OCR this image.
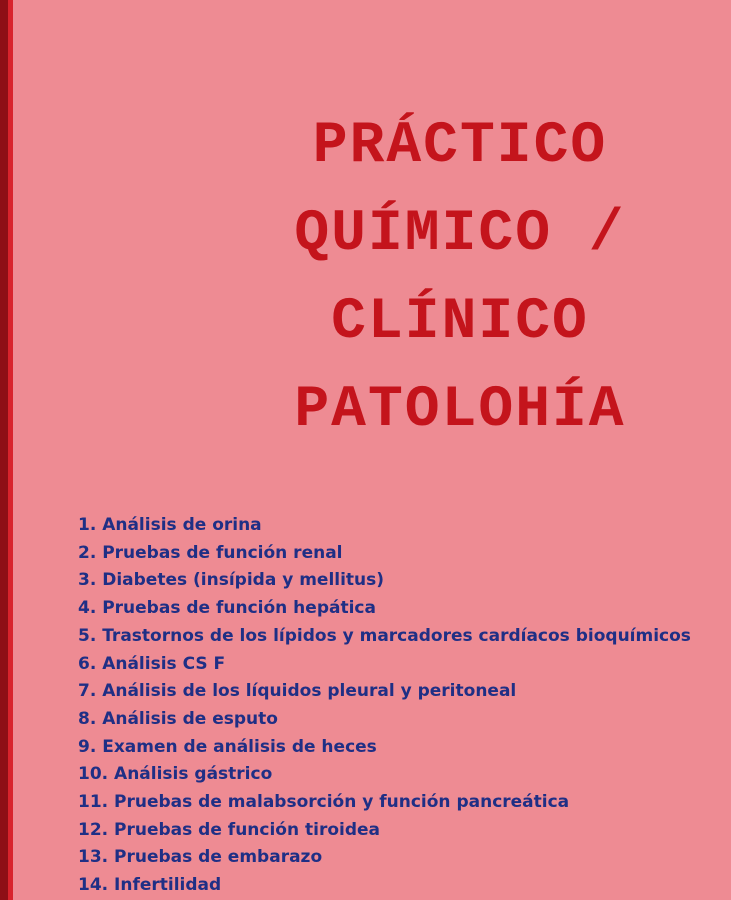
PRÁCTICO
QUÍMICO /
CLÍNICO
PATOLOHÍA
1. Análisis de orina
2. Pruebas de función renal
3. Diabetes (insípida y mellitus)
4. Pruebas de función hepática
5. Trastornos de los lípidos y marcadores cardíacos bioquímicos
6. Análisis CS F
7. Análisis de los líquidos pleural y peritoneal
8. Análisis de esputo
9. Examen de análisis de heces
10. Análisis gástrico
11. Pruebas de malabsorción y función pancreática
12. Pruebas de función tiroidea
13. Pruebas de embarazo
14. Infertilidad
